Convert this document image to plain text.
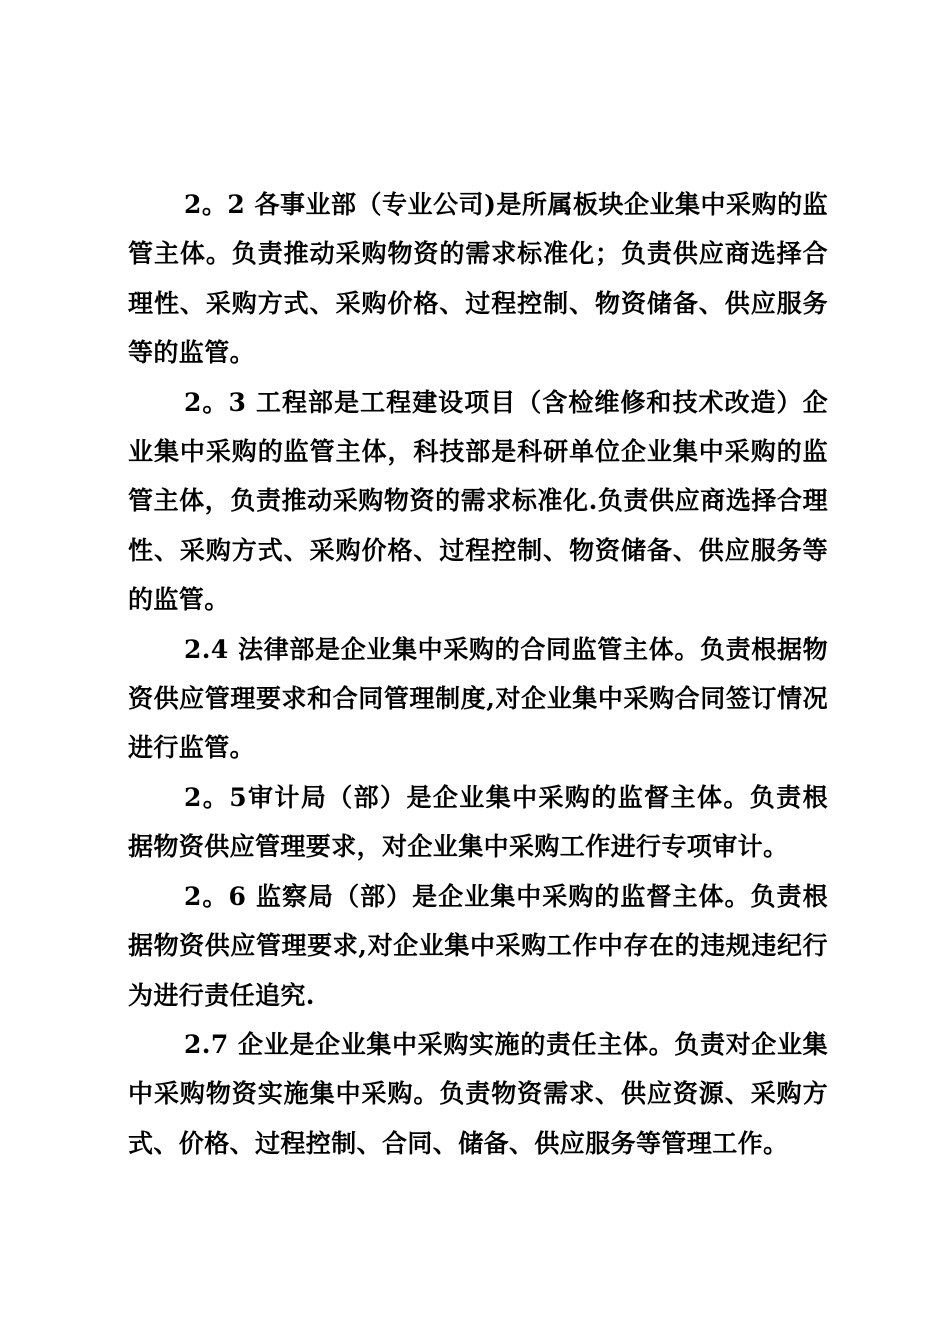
2。2 各事业部（专业公司)是所属板块企业集中采购的监管主体。负责推动采购物资的需求标准化；负责供应商选择合理性、采购方式、采购价格、过程控制、物资储备、供应服务等的监管。

2。3 工程部是工程建设项目（含检维修和技术改造）企业集中采购的监管主体，科技部是科研单位企业集中采购的监管主体，负责推动采购物资的需求标准化.负责供应商选择合理性、采购方式、采购价格、过程控制、物资储备、供应服务等的监管。

2.4 法律部是企业集中采购的合同监管主体。负责根据物资供应管理要求和合同管理制度,对企业集中采购合同签订情况进行监管。

2。5审计局（部）是企业集中采购的监督主体。负责根据物资供应管理要求，对企业集中采购工作进行专项审计。

2。6 监察局（部）是企业集中采购的监督主体。负责根据物资供应管理要求,对企业集中采购工作中存在的违规违纪行为进行责任追究.

2.7 企业是企业集中采购实施的责任主体。负责对企业集中采购物资实施集中采购。负责物资需求、供应资源、采购方式、价格、过程控制、合同、储备、供应服务等管理工作。
